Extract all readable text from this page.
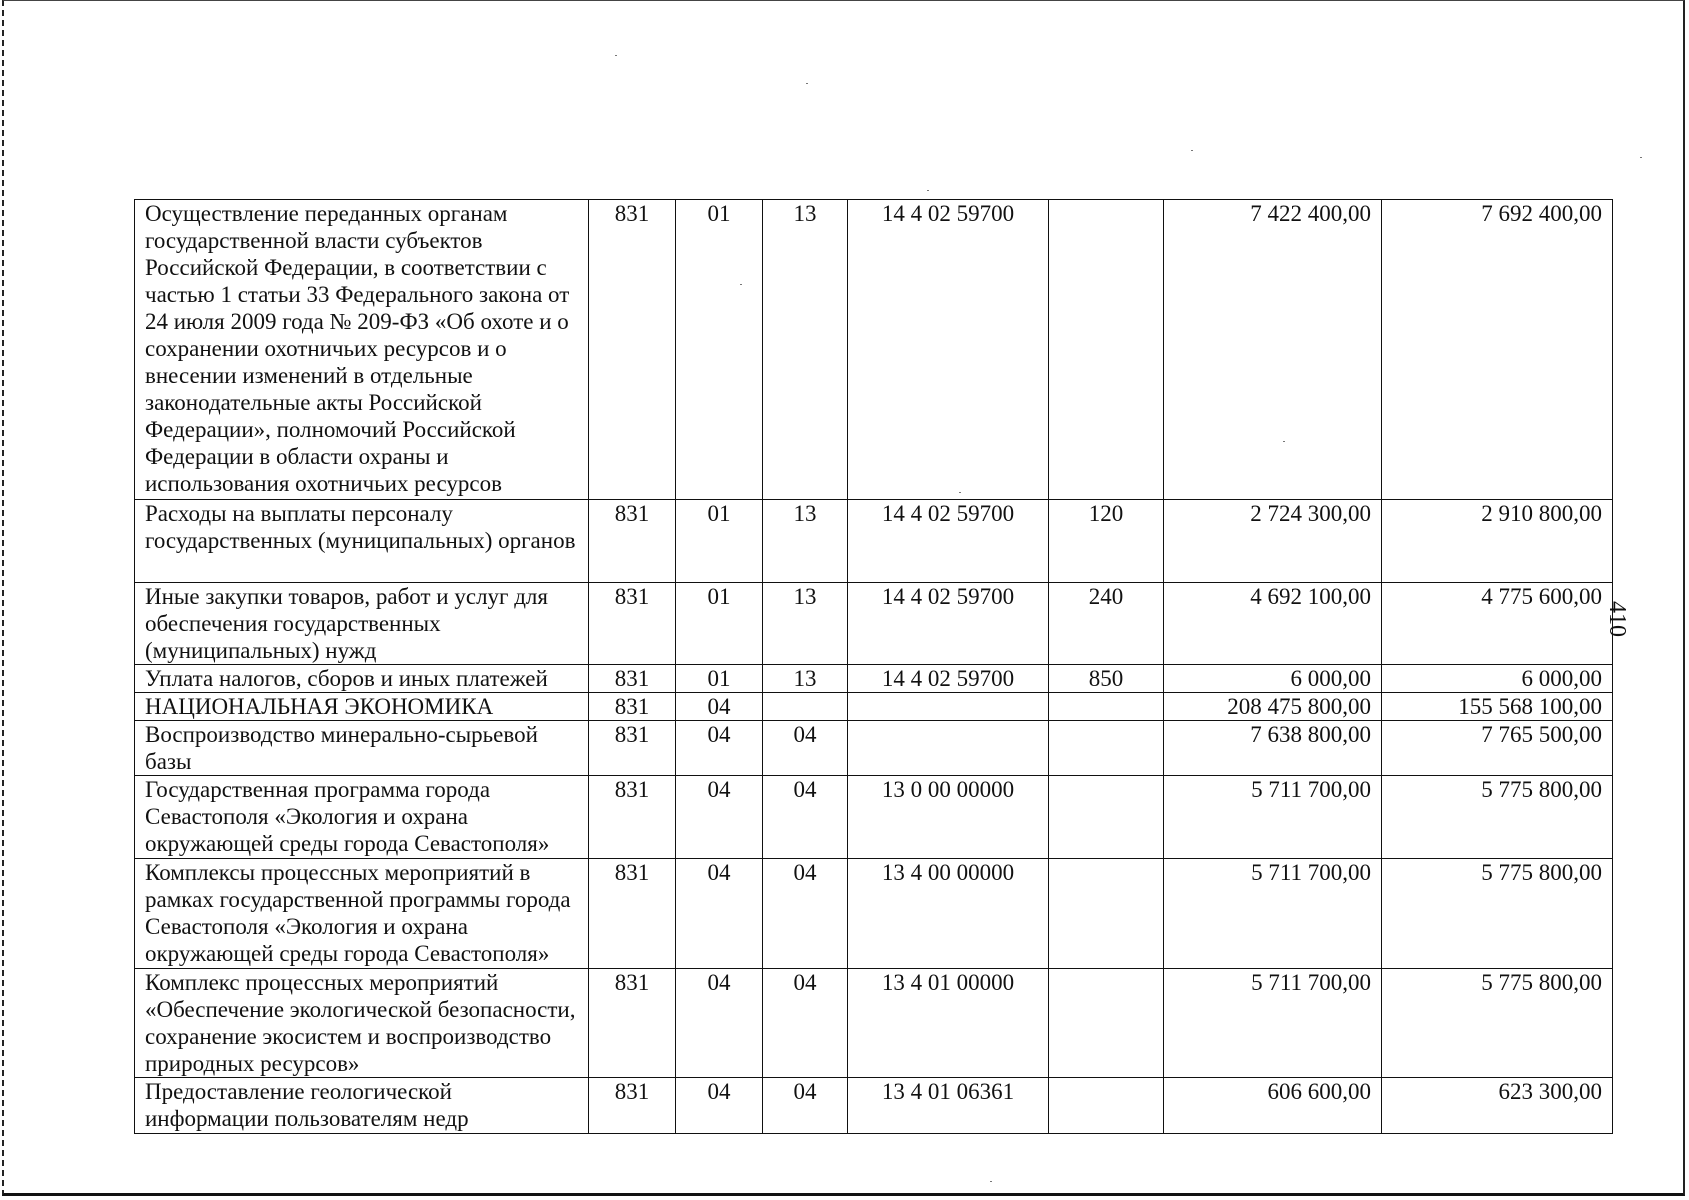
Осуществление переданных органам государственной власти субъектов Российской Федерации, в соответствии с частью 1 статьи 33 Федерального закона от 24 июля 2009 года № 209-ФЗ «Об охоте и о сохранении охотничьих ресурсов и о внесении изменений в отдельные законодательные акты Российской Федерации», полномочий Российской Федерации в области охраны и использования охотничьих ресурсов	831	01	13	14 4 02 59700		7 422 400,00	7 692 400,00
Расходы на выплаты персоналу государственных (муниципальных) органов	831	01	13	14 4 02 59700	120	2 724 300,00	2 910 800,00
Иные закупки товаров, работ и услуг для обеспечения государственных (муниципальных) нужд	831	01	13	14 4 02 59700	240	4 692 100,00	4 775 600,00
Уплата налогов, сборов и иных платежей	831	01	13	14 4 02 59700	850	6 000,00	6 000,00
НАЦИОНАЛЬНАЯ ЭКОНОМИКА	831	04				208 475 800,00	155 568 100,00
Воспроизводство минерально-сырьевой базы	831	04	04			7 638 800,00	7 765 500,00
Государственная программа города Севастополя «Экология и охрана окружающей среды города Севастополя»	831	04	04	13 0 00 00000		5 711 700,00	5 775 800,00
Комплексы процессных мероприятий в рамках государственной программы города Севастополя «Экология и охрана окружающей среды города Севастополя»	831	04	04	13 4 00 00000		5 711 700,00	5 775 800,00
Комплекс процессных мероприятий «Обеспечение экологической безопасности, сохранение экосистем и воспроизводство природных ресурсов»	831	04	04	13 4 01 00000		5 711 700,00	5 775 800,00
Предоставление геологической информации пользователям недр	831	04	04	13 4 01 06361		606 600,00	623 300,00
410
